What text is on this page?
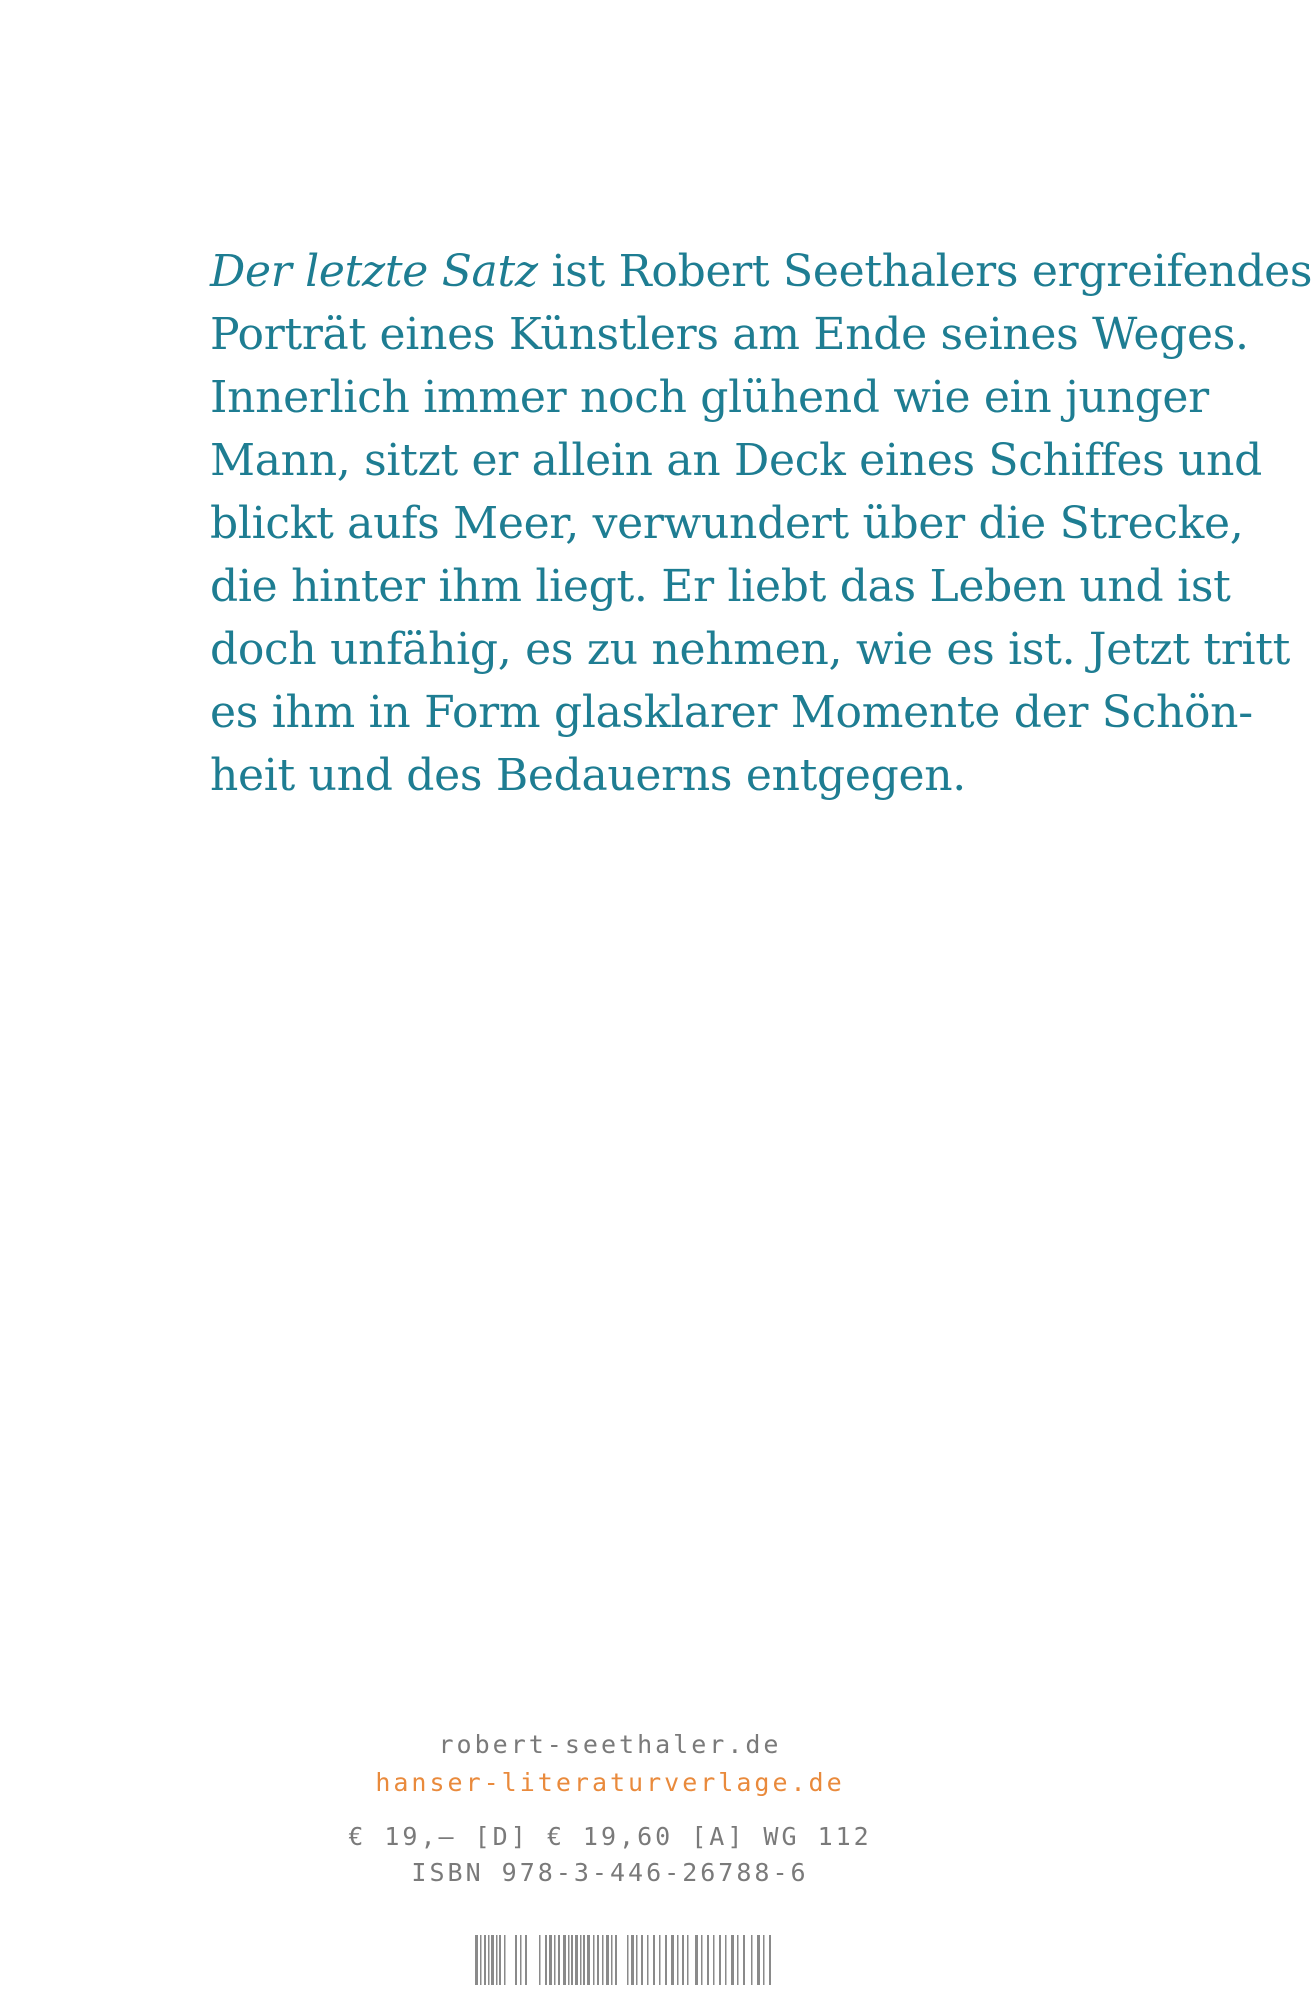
Der letzte Satz ist Robert Seethalers ergreifendes
Porträt eines Künstlers am Ende seines Weges.
Innerlich immer noch glühend wie ein junger
Mann, sitzt er allein an Deck eines Schiffes und
blickt aufs Meer, verwundert über die Strecke,
die hinter ihm liegt. Er liebt das Leben und ist
doch unfähig, es zu nehmen, wie es ist. Jetzt tritt
es ihm in Form glasklarer Momente der Schön-
heit und des Bedauerns entgegen.
robert-seethaler.de
hanser-literaturverlage.de
€ 19,– [D] € 19,60 [A] WG 112
ISBN 978-3-446-26788-6
